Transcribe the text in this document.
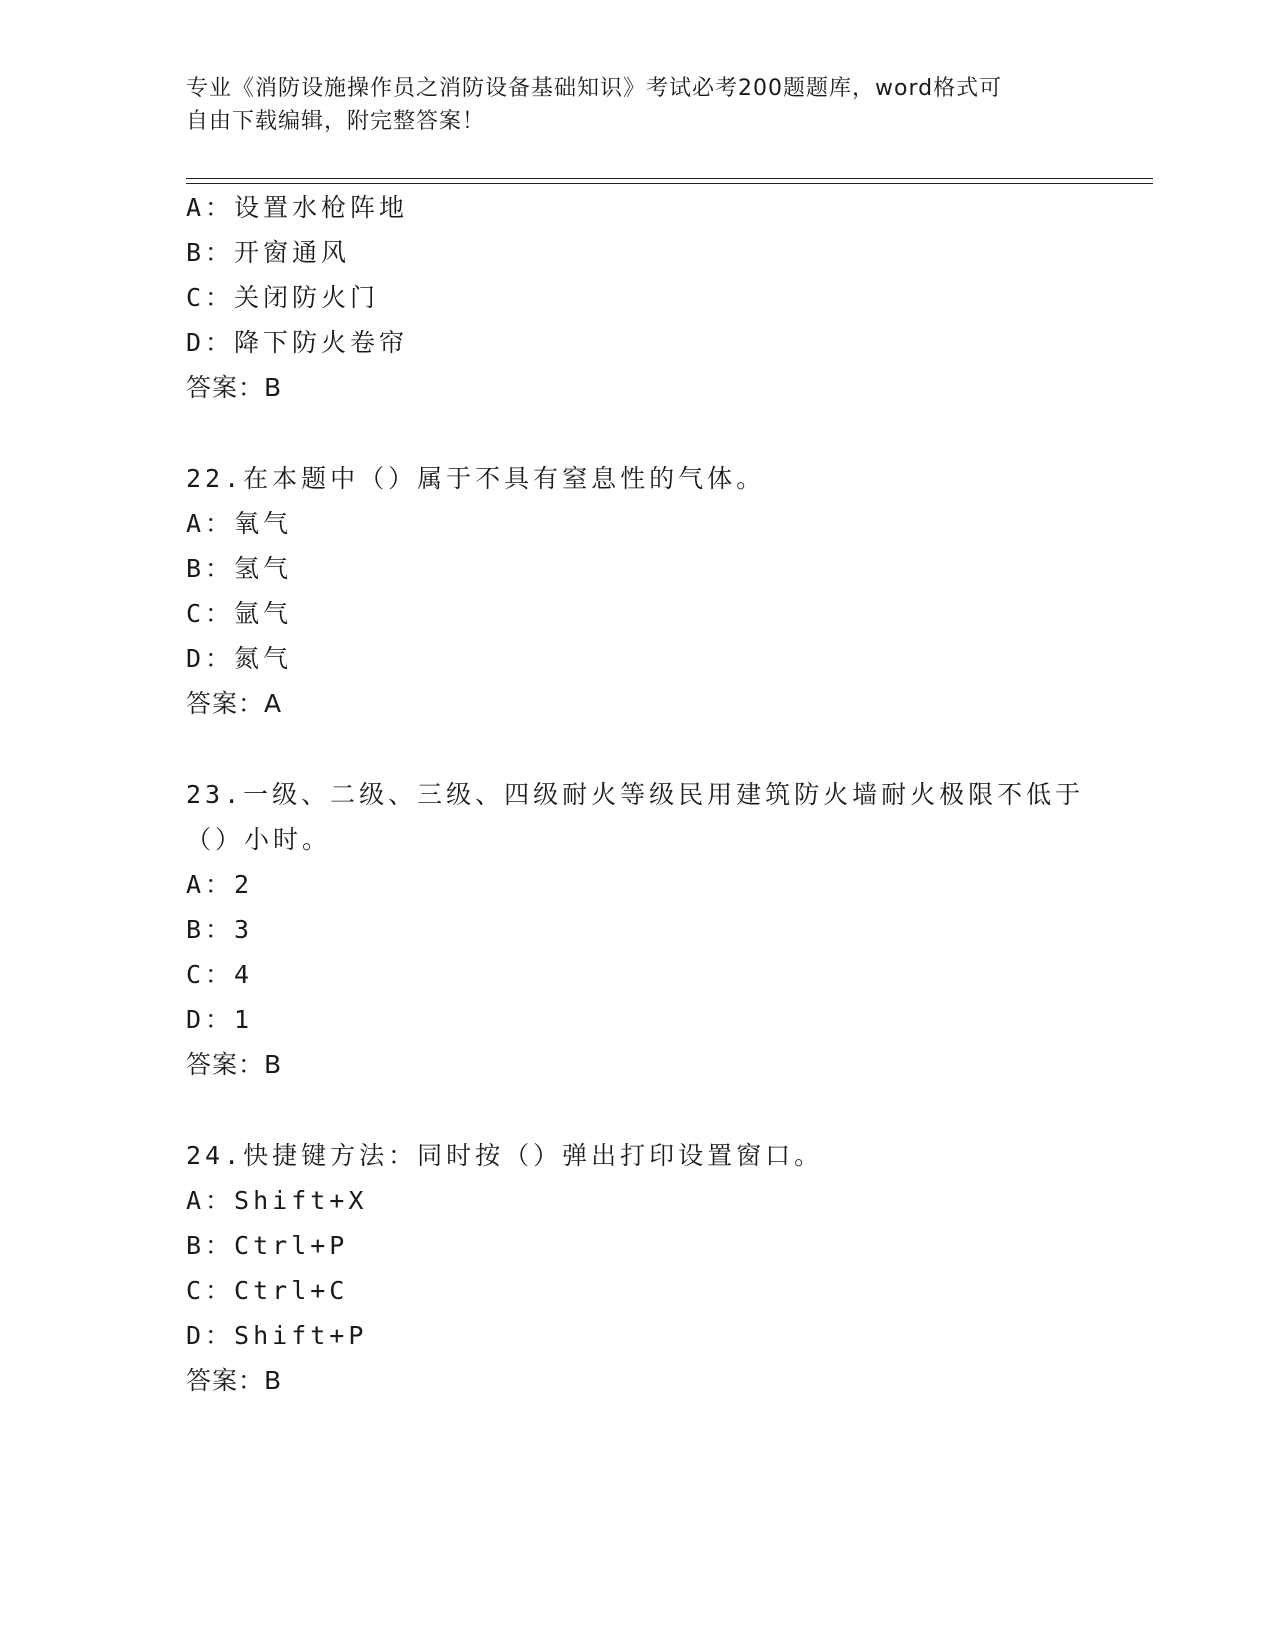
专业《消防设施操作员之消防设备基础知识》考试必考200题题库，word格式可
自由下载编辑，附完整答案！
A：设置水枪阵地
B：开窗通风
C：关闭防火门
D：降下防火卷帘
答案：B
22.在本题中（）属于不具有窒息性的气体。
A：氧气
B：氢气
C：氩气
D：氮气
答案：A
23.一级、二级、三级、四级耐火等级民用建筑防火墙耐火极限不低于
（）小时。
A：2
B：3
C：4
D：1
答案：B
24.快捷键方法：同时按（）弹出打印设置窗口。
A：Shift+X
B：Ctrl+P
C：Ctrl+C
D：Shift+P
答案：B
